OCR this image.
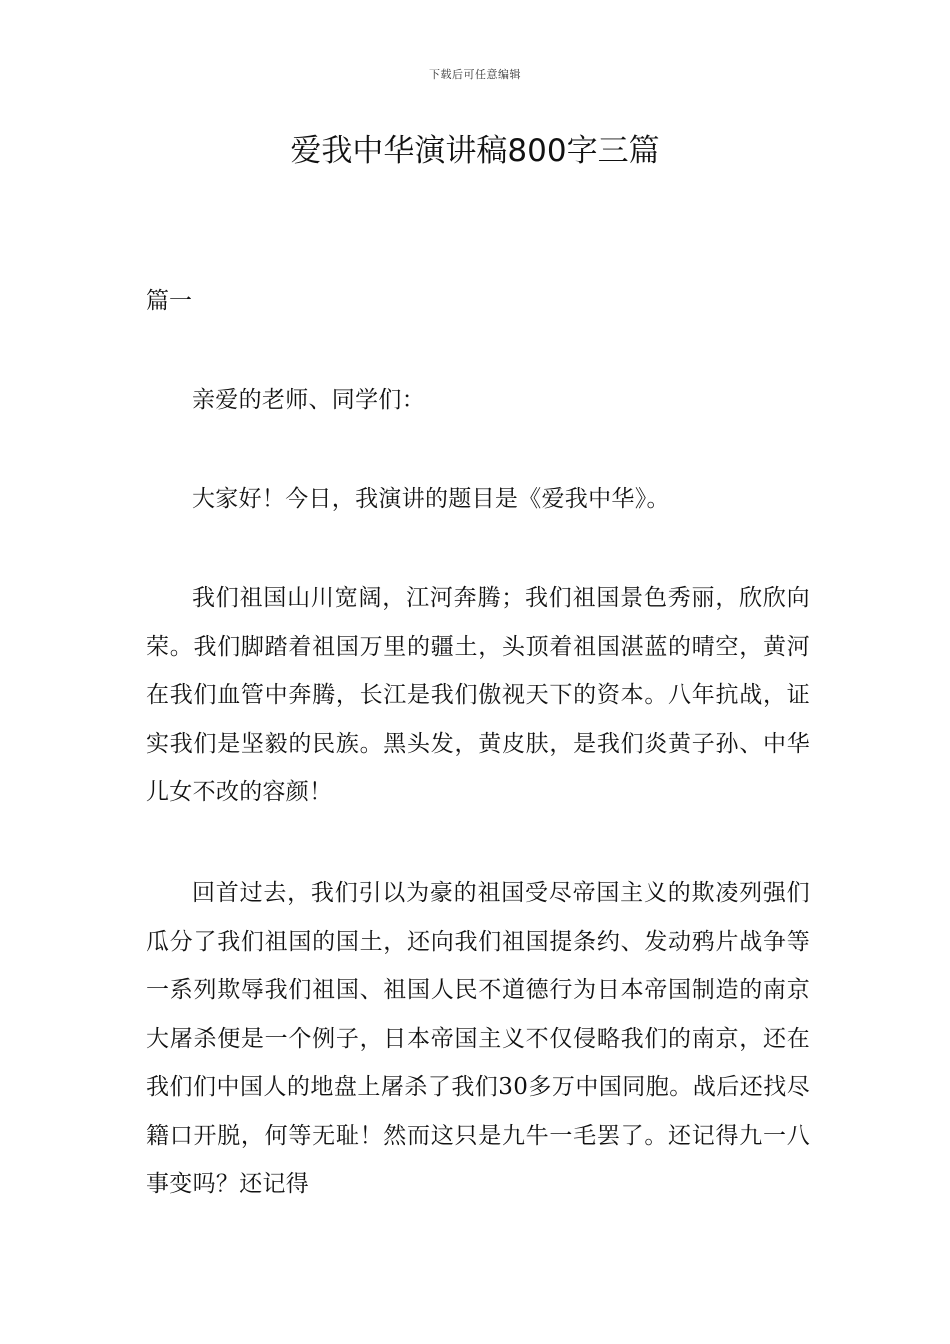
下载后可任意编辑
爱我中华演讲稿800字三篇
篇一

亲爱的老师、同学们：

大家好！今日，我演讲的题目是《爱我中华》。

我们祖国山川宽阔，江河奔腾；我们祖国景色秀丽，欣欣向荣。我们脚踏着祖国万里的疆土，头顶着祖国湛蓝的晴空，黄河在我们血管中奔腾，长江是我们傲视天下的资本。八年抗战，证实我们是坚毅的民族。黑头发，黄皮肤，是我们炎黄子孙、中华儿女不改的容颜！

回首过去，我们引以为豪的祖国受尽帝国主义的欺凌列强们瓜分了我们祖国的国土，还向我们祖国提条约、发动鸦片战争等一系列欺辱我们祖国、祖国人民不道德行为日本帝国制造的南京大屠杀便是一个例子，日本帝国主义不仅侵略我们的南京，还在我们们中国人的地盘上屠杀了我们30多万中国同胞。战后还找尽籍口开脱，何等无耻！然而这只是九牛一毛罢了。还记得九一八事变吗？还记得
